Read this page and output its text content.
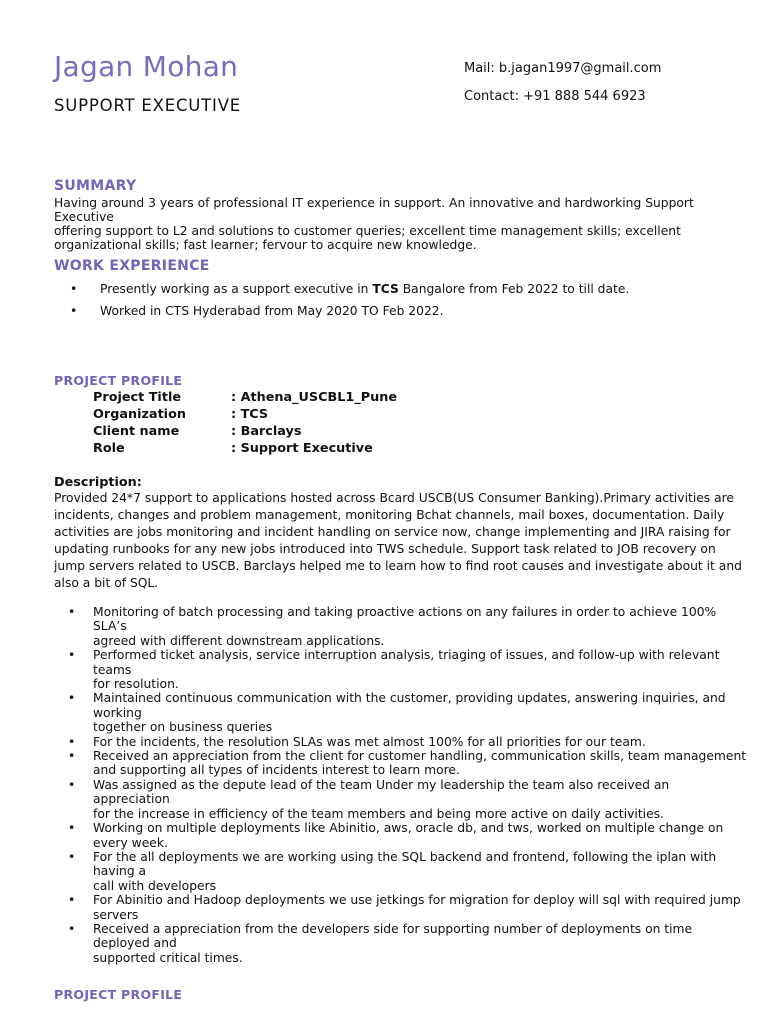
Jagan Mohan
SUPPORT EXECUTIVE
Mail: b.jagan1997@gmail.com
Contact: +91 888 544 6923
SUMMARY
Having around 3 years of professional IT experience in support. An innovative and hardworking Support Executive
offering support to L2 and solutions to customer queries; excellent time management skills; excellent
organizational skills; fast learner; fervour to acquire new knowledge.
WORK EXPERIENCE
• Presently working as a support executive in TCS Bangalore from Feb 2022 to till date.
• Worked in CTS Hyderabad from May 2020 TO Feb 2022.
PROJECT PROFILE
Project Title	: Athena_USCBL1_Pune
Organization	: TCS
Client name	: Barclays
Role	: Support Executive
Description:
Provided 24*7 support to applications hosted across Bcard USCB(US Consumer Banking).Primary activities are
incidents, changes and problem management, monitoring Bchat channels, mail boxes, documentation. Daily
activities are jobs monitoring and incident handling on service now, change implementing and JIRA raising for
updating runbooks for any new jobs introduced into TWS schedule. Support task related to JOB recovery on
jump servers related to USCB. Barclays helped me to learn how to find root causes and investigate about it and
also a bit of SQL.
• Monitoring of batch processing and taking proactive actions on any failures in order to achieve 100% SLA’s
agreed with different downstream applications.
• Performed ticket analysis, service interruption analysis, triaging of issues, and follow-up with relevant teams
for resolution.
• Maintained continuous communication with the customer, providing updates, answering inquiries, and working
together on business queries
• For the incidents, the resolution SLAs was met almost 100% for all priorities for our team.
• Received an appreciation from the client for customer handling, communication skills, team management
and supporting all types of incidents interest to learn more.
• Was assigned as the depute lead of the team Under my leadership the team also received an appreciation
for the increase in efficiency of the team members and being more active on daily activities.
• Working on multiple deployments like Abinitio, aws, oracle db, and tws, worked on multiple change on
every week.
• For the all deployments we are working using the SQL backend and frontend, following the iplan with having a
call with developers
• For Abinitio and Hadoop deployments we use jetkings for migration for deploy will sql with required jump
servers
• Received a appreciation from the developers side for supporting number of deployments on time deployed and
supported critical times.
PROJECT PROFILE
